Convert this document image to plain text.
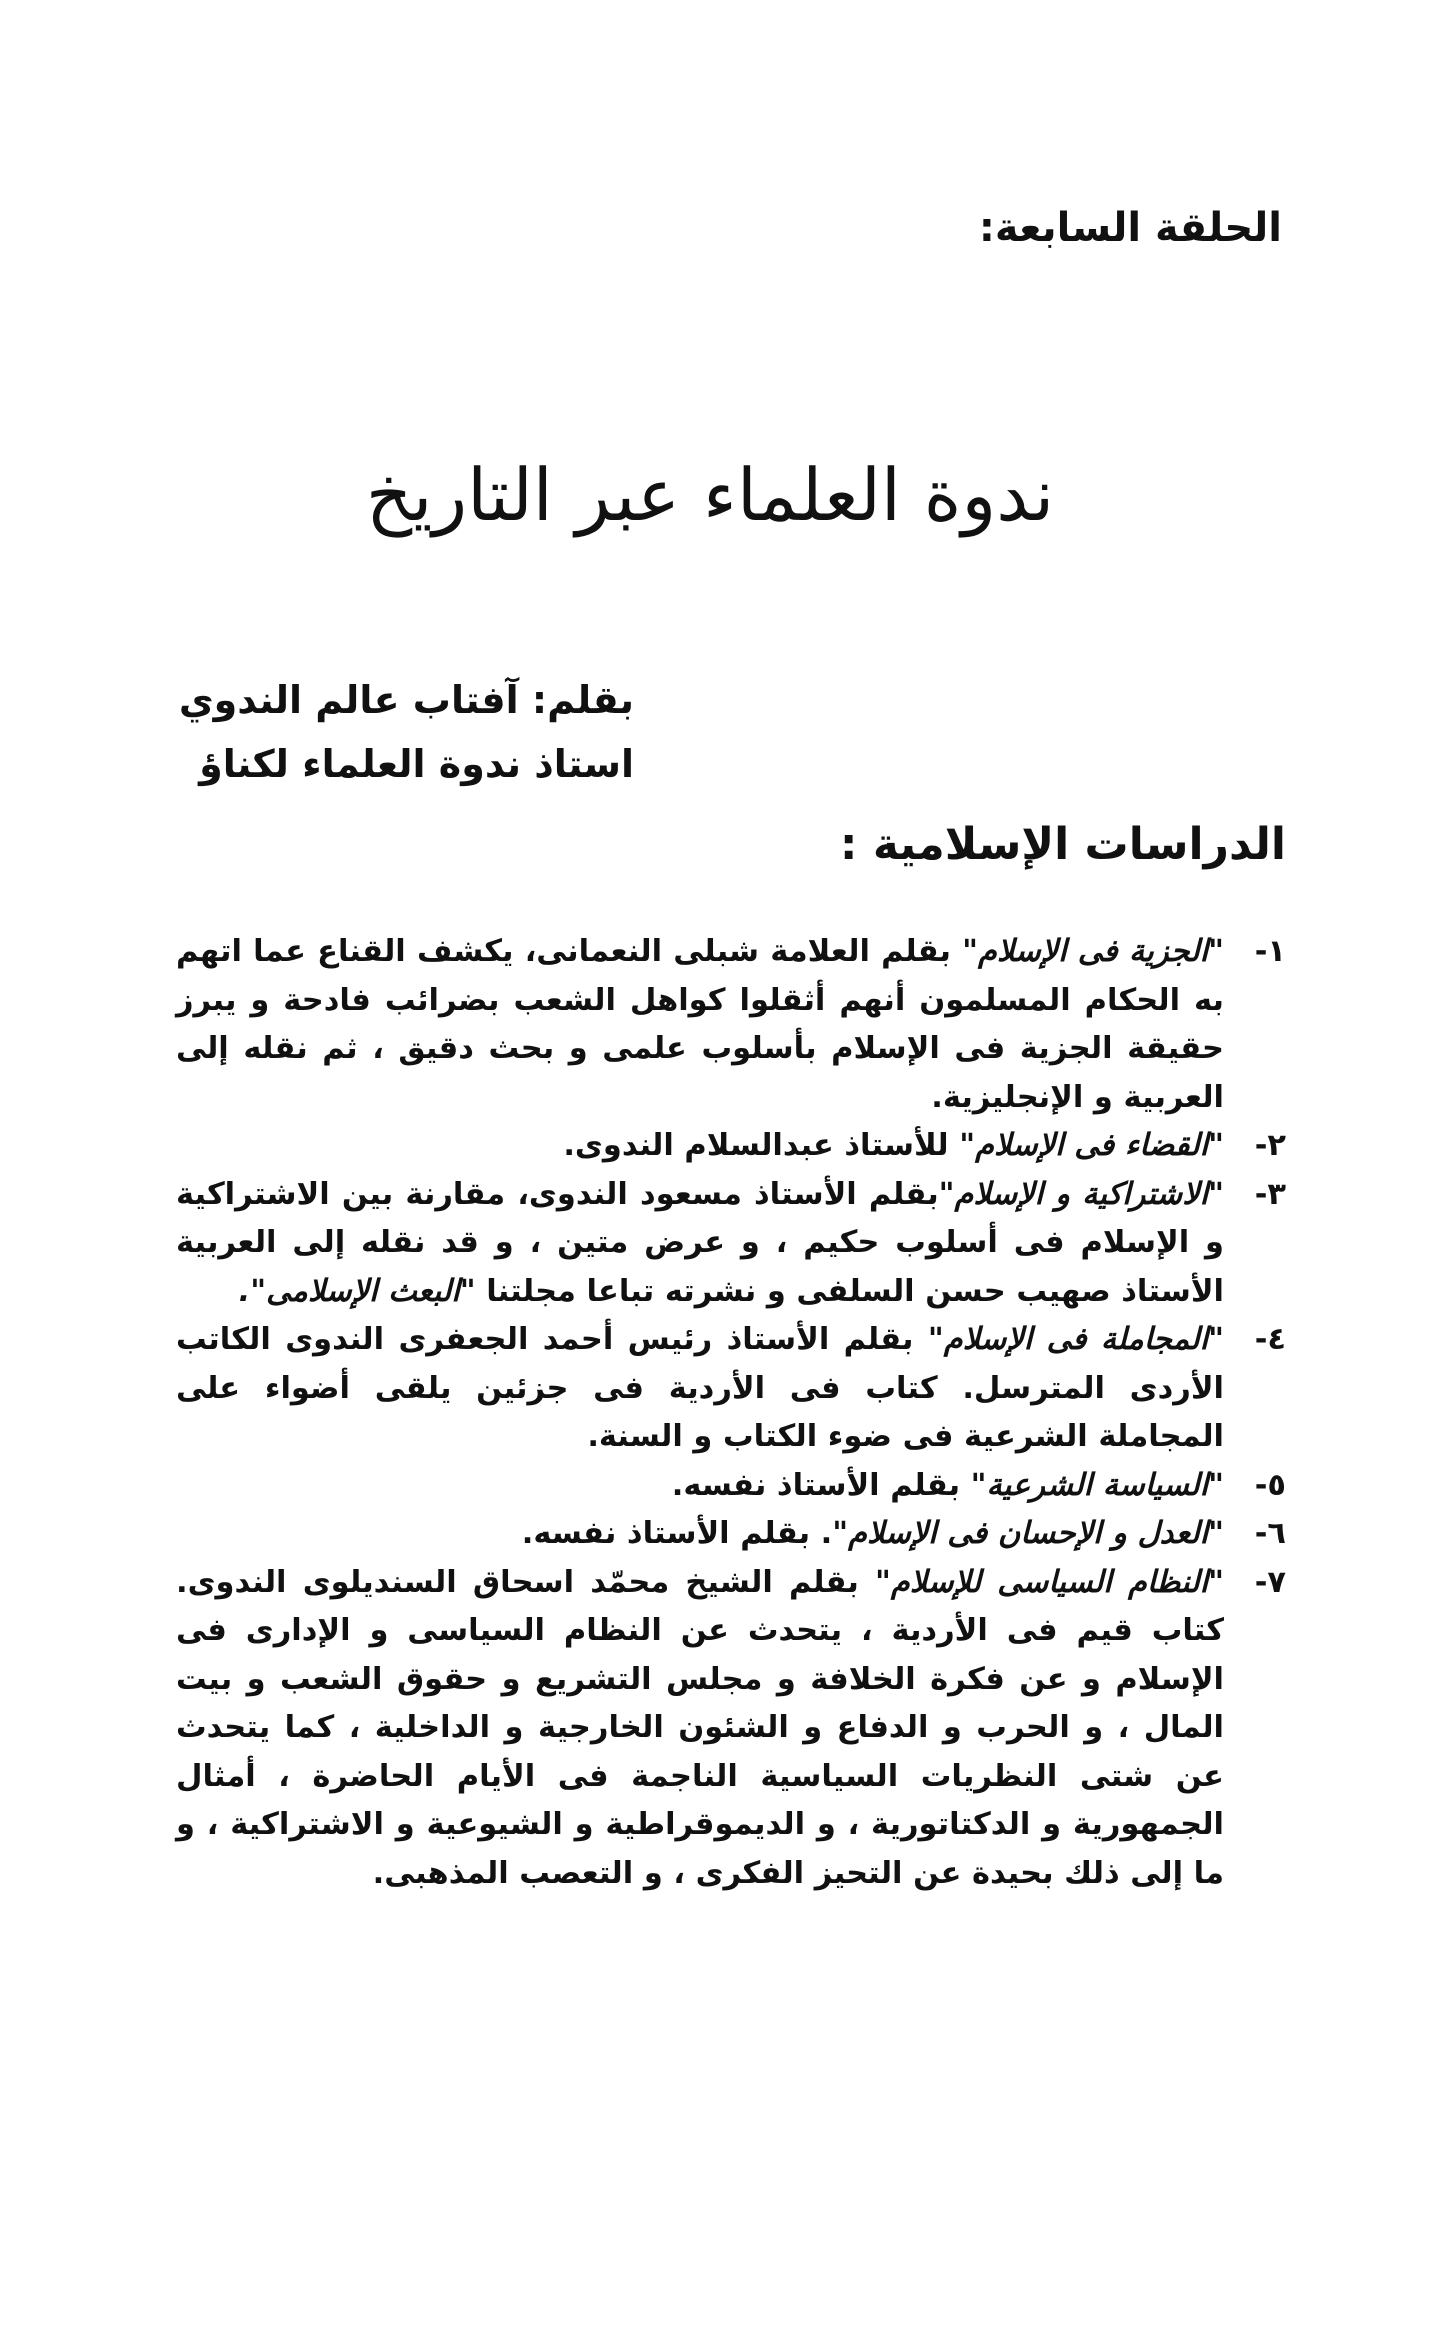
الحلقة السابعة:
ندوة العلماء عبر التاريخ
بقلم: آفتاب عالم الندوي
استاذ ندوة العلماء لكناؤ
الدراسات الإسلامية :
١-
"الجزية فى الإسلام" بقلم العلامة شبلى النعمانى، يكشف القناع عما اتهم به الحكام المسلمون أنهم أثقلوا كواهل الشعب بضرائب فادحة و يبرز حقيقة الجزية فى الإسلام بأسلوب علمى و بحث دقيق ، ثم نقله إلى العربية و الإنجليزية.
٢-
"القضاء فى الإسلام" للأستاذ عبدالسلام الندوى.
٣-
"الاشتراكية و الإسلام"بقلم الأستاذ مسعود الندوى، مقارنة بين الاشتراكية و الإسلام فى أسلوب حكيم ، و عرض متين ، و قد نقله إلى العربية الأستاذ صهيب حسن السلفى و نشرته تباعا مجلتنا "البعث الإسلامى".
٤-
"المجاملة فى الإسلام" بقلم الأستاذ رئيس أحمد الجعفرى الندوى الكاتب الأردى المترسل. كتاب فى الأردية فى جزئين يلقى أضواء على المجاملة الشرعية فى ضوء الكتاب و السنة.
٥-
"السياسة الشرعية" بقلم الأستاذ نفسه.
٦-
"العدل و الإحسان فى الإسلام". بقلم الأستاذ نفسه.
٧-
"النظام السياسى للإسلام" بقلم الشيخ محمّد اسحاق السنديلوى الندوى. كتاب قيم فى الأردية ، يتحدث عن النظام السياسى و الإدارى فى الإسلام و عن فكرة الخلافة و مجلس التشريع و حقوق الشعب و بيت المال ، و الحرب و الدفاع و الشئون الخارجية و الداخلية ، كما يتحدث عن شتى النظريات السياسية الناجمة فى الأيام الحاضرة ، أمثال الجمهورية و الدكتاتورية ، و الديموقراطية و الشيوعية و الاشتراكية ، و ما إلى ذلك بحيدة عن التحيز الفكرى ، و التعصب المذهبى.
